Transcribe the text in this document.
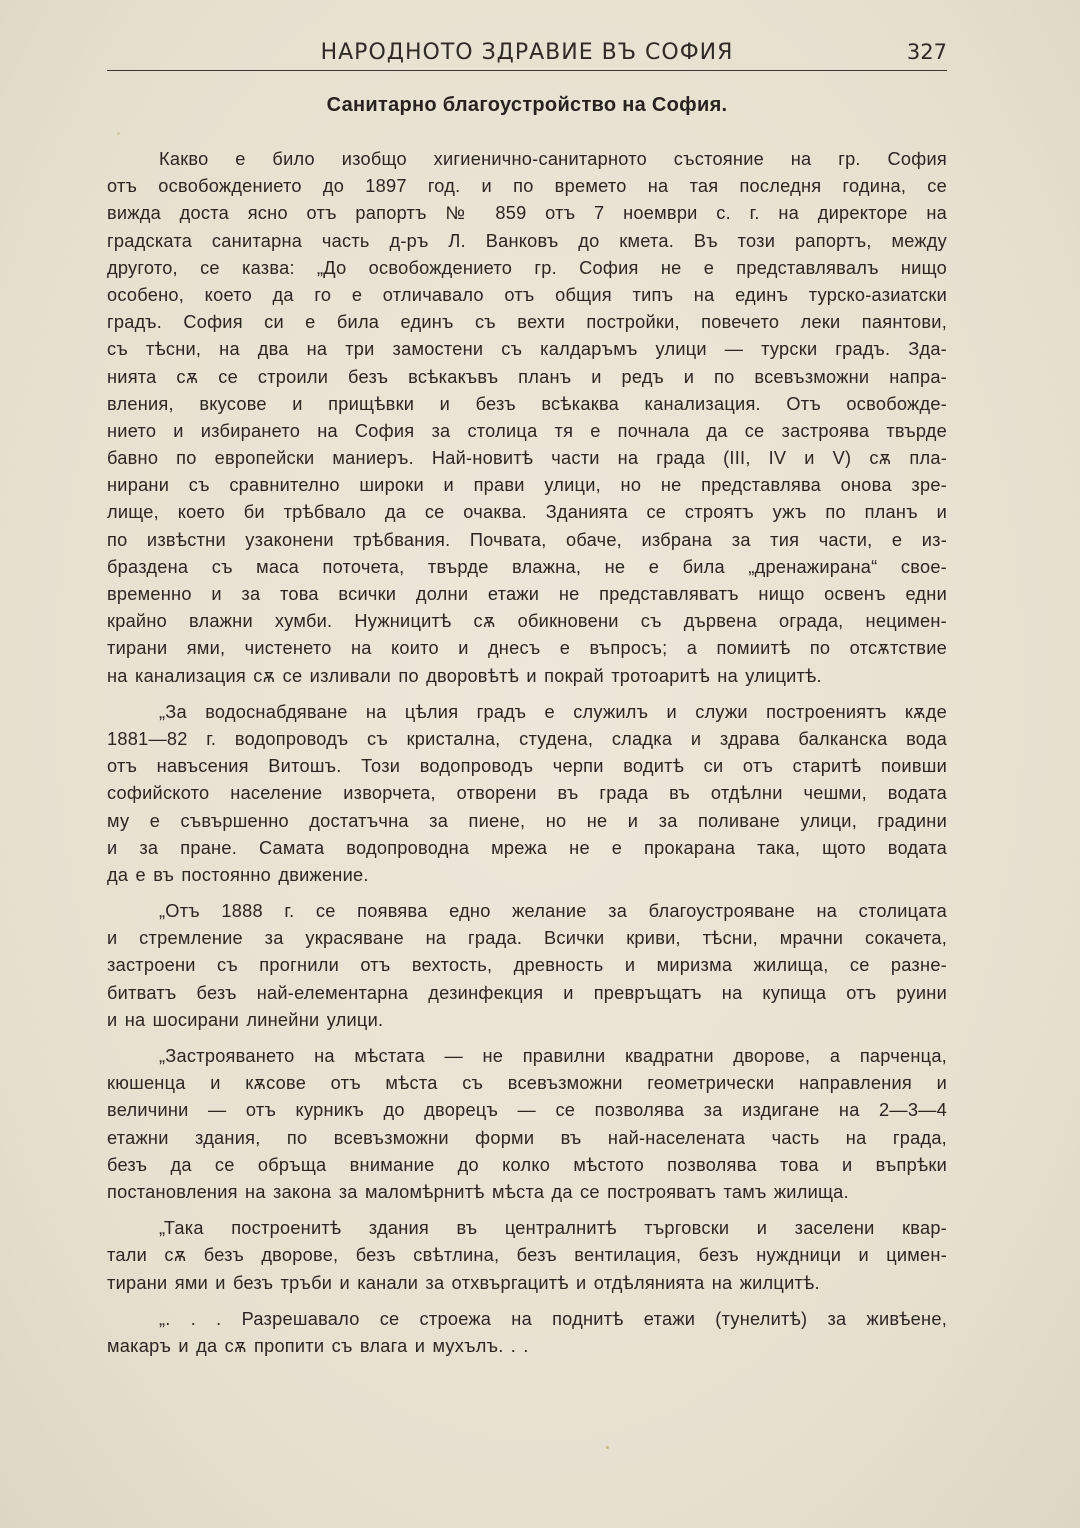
НАРОДНОТО ЗДРАВИЕ ВЪ СОФИЯ	327
Санитарно благоустройство на София.
Какво е било изобщо хигиенично-санитарното състояние на гр. София
отъ освобождението до 1897 год. и по времето на тая последня година, се
вижда доста ясно отъ рапортъ № 859 отъ 7 ноември с. г. на директоре на
градската санитарна часть д-ръ Л. Ванковъ до кмета. Въ този рапортъ, между
другото, се казва: „До освобождението гр. София не е представлявалъ нищо
особено, което да го е отличавало отъ общия типъ на единъ турско-азиатски
градъ. София си е била единъ съ вехти постройки, повечето леки паянтови,
съ тѣсни, на два на три замостени съ калдаръмъ улици — турски градъ. Зда-
нията сѫ се строили безъ всѣкакъвъ планъ и редъ и по всевъзможни напра-
вления, вкусове и прищѣвки и безъ всѣкаква канализация. Отъ освобожде-
нието и избирането на София за столица тя е почнала да се застроява твърде
бавно по европейски маниеръ. Най-новитѣ части на града (III, IV и V) сѫ пла-
нирани съ сравнително широки и прави улици, но не представлява онова зре-
лище, което би трѣбвало да се очаква. Зданията се строятъ ужъ по планъ и
по извѣстни узаконени трѣбвания. Почвата, обаче, избрана за тия части, е из-
браздена съ маса поточета, твърде влажна, не е била „дренажирана“ свое-
временно и за това всички долни етажи не представляватъ нищо освенъ едни
крайно влажни хумби. Нужницитѣ сѫ обикновени съ дървена ограда, нецимен-
тирани ями, чистенето на които и днесъ е въпросъ; а помиитѣ по отсѫтствие
на канализация сѫ се изливали по дворовѣтѣ и покрай тротоаритѣ на улицитѣ.
„За водоснабдяване на цѣлия градъ е служилъ и служи построениятъ кѫде
1881—82 г. водопроводъ съ кристална, студена, сладка и здрава балканска вода
отъ навъсения Витошъ. Този водопроводъ черпи водитѣ си отъ старитѣ поивши
софийското население изворчета, отворени въ града въ отдѣлни чешми, водата
му е съвършенно достатъчна за пиене, но не и за поливане улици, градини
и за пране. Самата водопроводна мрежа не е прокарана така, щото водата
да е въ постоянно движение.
„Отъ 1888 г. се появява едно желание за благоустрояване на столицата
и стремление за украсяване на града. Всички криви, тѣсни, мрачни сокачета,
застроени съ прогнили отъ вехтость, древность и миризма жилища, се разне-
битватъ безъ най-елементарна дезинфекция и превръщатъ на купища отъ руини
и на шосирани линейни улици.
„Застрояването на мѣстата — не правилни квадратни дворове, а парченца,
кюшенца и кѫсове отъ мѣста съ всевъзможни геометрически направления и
величини — отъ курникъ до дворецъ — се позволява за издигане на 2—3—4
етажни здания, по всевъзможни форми въ най-населената часть на града,
безъ да се обръща внимание до колко мѣстото позволява това и въпрѣки
постановления на закона за маломѣрнитѣ мѣста да се построяватъ тамъ жилища.
„Така построенитѣ здания въ централнитѣ търговски и заселени квар-
тали сѫ безъ дворове, безъ свѣтлина, безъ вентилация, безъ нуждници и цимен-
тирани ями и безъ тръби и канали за отхвъргацитѣ и отдѣлянията на жилцитѣ.
„. . . Разрешавало се строежа на поднитѣ етажи (тунелитѣ) за живѣене,
макаръ и да сѫ пропити съ влага и мухълъ. . .
